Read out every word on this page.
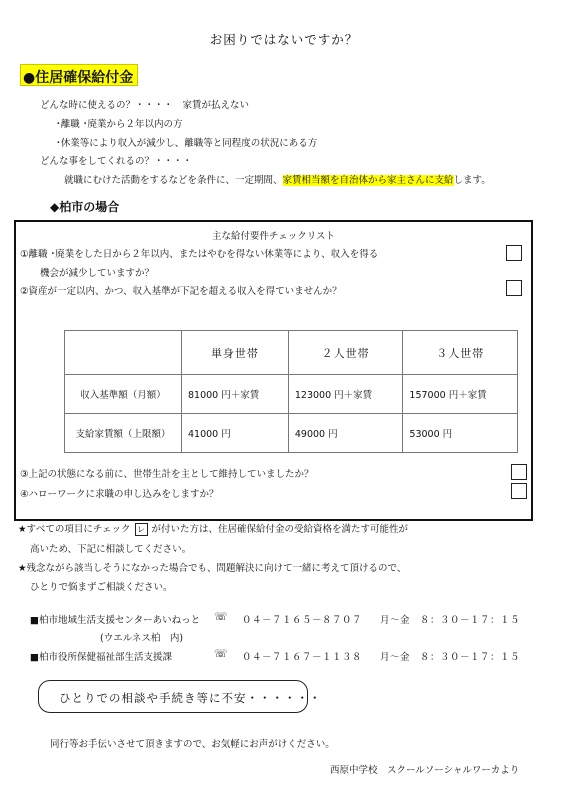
お困りではないですか？
●住居確保給付金
どんな時に使えるの？・・・・　家賃が払えない
･離職 ･廃業から２年以内の方
･休業等により収入が減少し、離職等と同程度の状況にある方
どんな事をしてくれるの？・・・・
就職にむけた活動をするなどを条件に、一定期間、家賃相当額を自治体から家主さんに支給します。
◆柏市の場合
主な給付要件チェックリスト
①離職 ･廃業をした日から２年以内、またはやむを得ない休業等により、収入を得る
機会が減少していますか？
②資産が一定以内、かつ、収入基準が下記を超える収入を得ていませんか？
③上記の状態になる前に、世帯生計を主として維持していましたか？
④ハローワークに求職の申し込みをしますか？
	単身世帯	２人世帯	３人世帯
収入基準額（月額）	81000 円＋家賃	123000 円＋家賃	157000 円＋家賃
支給家賃額（上限額）	41000 円	49000 円	53000 円
★すべての項目にチェック レ が付いた方は、住居確保給付金の受給資格を満たす可能性が
高いため、下記に相談してください。
★残念ながら該当しそうになかった場合でも、問題解決に向けて一緒に考えて頂けるので、
ひとりで悩まずご相談ください。
■柏市地域生活支援センターあいねっと ☏ ０４－７１６５－８７０７ 月～金　８：３０－１７：１５
(ウエルネス柏　内)
■柏市役所保健福祉部生活支援課	☏ ０４－７１６７－１１３８ 月～金　８：３０－１７：１５
ひとりでの相談や手続き等に不安・・・・・・
同行等お手伝いさせて頂きますので、お気軽にお声がけください。
西原中学校　スクールソーシャルワーカより
